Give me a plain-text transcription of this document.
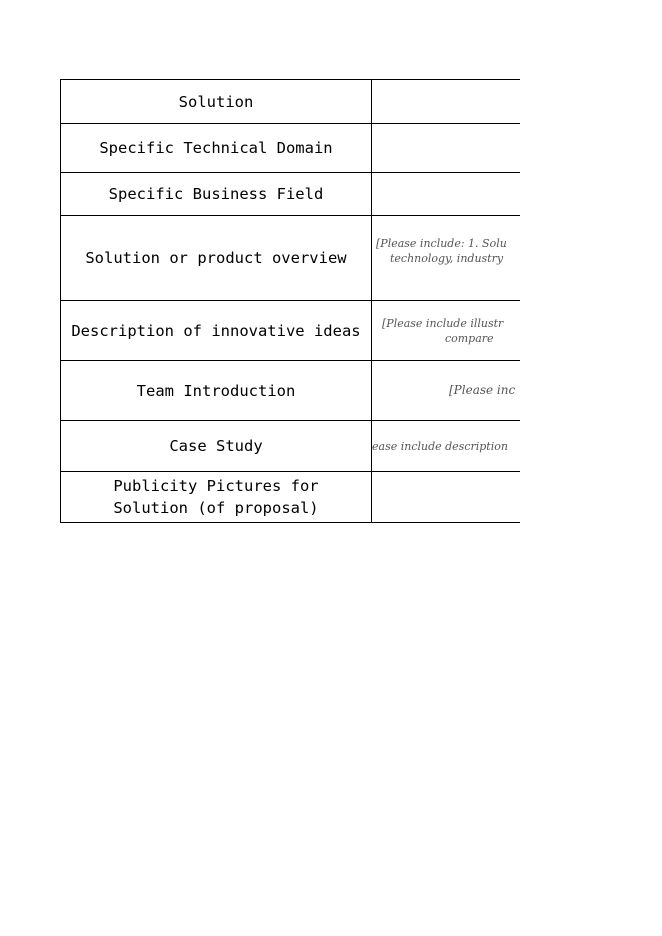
Solution	

Specific Technical Domain	

Specific Business Field	

Solution or product overview	[Please include: 1. Solu
technology, industry

Description of innovative ideas	[Please include illustr
compare

Team Introduction	[Please inc

Case Study	ease include description

Publicity Pictures for
Solution (of proposal)	
